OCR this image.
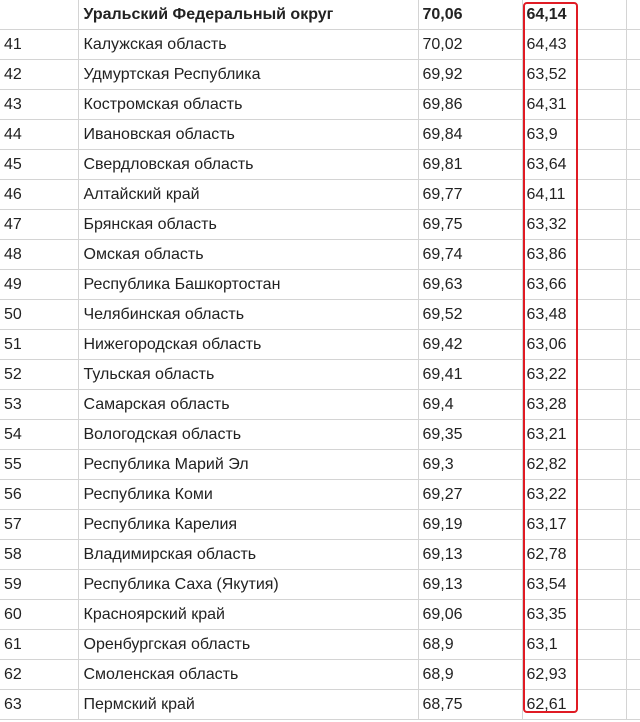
	Уральский Федеральный округ	70,06	64,14	
41	Калужская область	70,02	64,43	
42	Удмуртская Республика	69,92	63,52	
43	Костромская область	69,86	64,31	
44	Ивановская область	69,84	63,9	
45	Свердловская область	69,81	63,64	
46	Алтайский край	69,77	64,11	
47	Брянская область	69,75	63,32	
48	Омская область	69,74	63,86	
49	Республика Башкортостан	69,63	63,66	
50	Челябинская область	69,52	63,48	
51	Нижегородская область	69,42	63,06	
52	Тульская область	69,41	63,22	
53	Самарская область	69,4	63,28	
54	Вологодская область	69,35	63,21	
55	Республика Марий Эл	69,3	62,82	
56	Республика Коми	69,27	63,22	
57	Республика Карелия	69,19	63,17	
58	Владимирская область	69,13	62,78	
59	Республика Саха (Якутия)	69,13	63,54	
60	Красноярский край	69,06	63,35	
61	Оренбургская область	68,9	63,1	
62	Смоленская область	68,9	62,93	
63	Пермский край	68,75	62,61	
